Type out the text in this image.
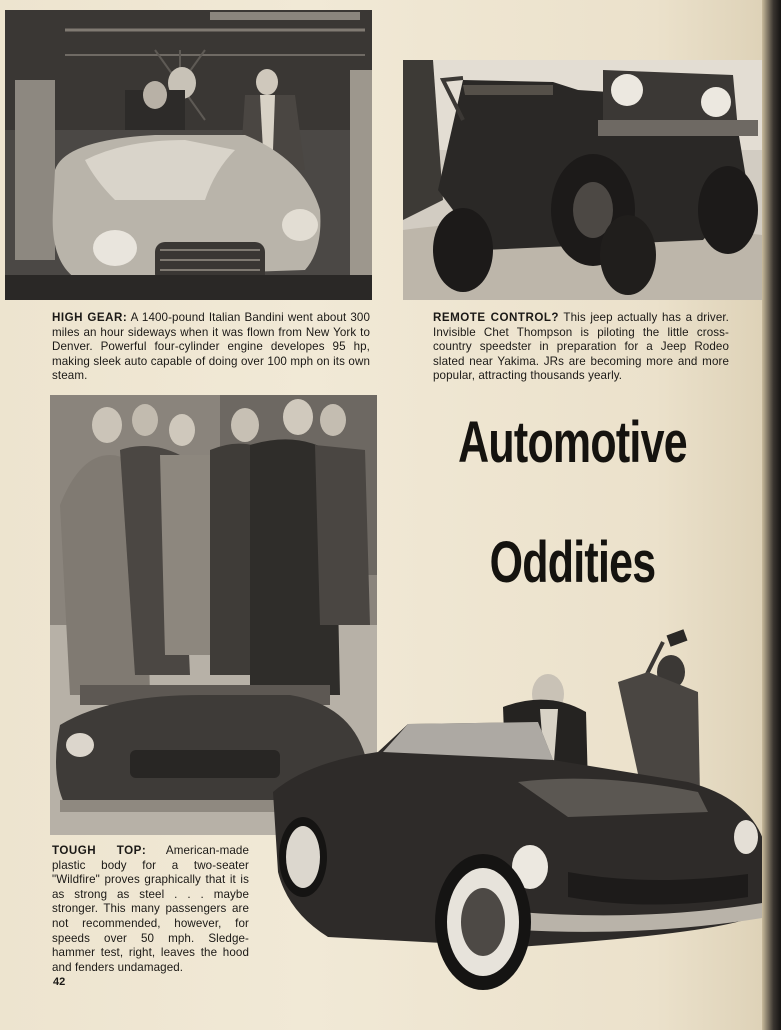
HIGH GEAR: A 1400-pound Italian Bandini went about 300 miles an hour sideways when it was flown from New York to Denver. Powerful four-cylinder engine developes 95 hp, making sleek auto capable of doing over 100 mph on its own steam.

REMOTE CONTROL? This jeep actually has a driver. Invisible Chet Thompson is piloting the little cross-country speedster in preparation for a Jeep Rodeo slated near Yakima. JRs are becoming more and more popular, attracting thousands yearly.

Automotive
Oddities

TOUGH TOP: American-made plastic body for a two-seater "Wildfire" proves graphically that it is as strong as steel . . . maybe stronger. This many passengers are not recommended, however, for speeds over 50 mph. Sledge-hammer test, right, leaves the hood and fenders undamaged.

42
